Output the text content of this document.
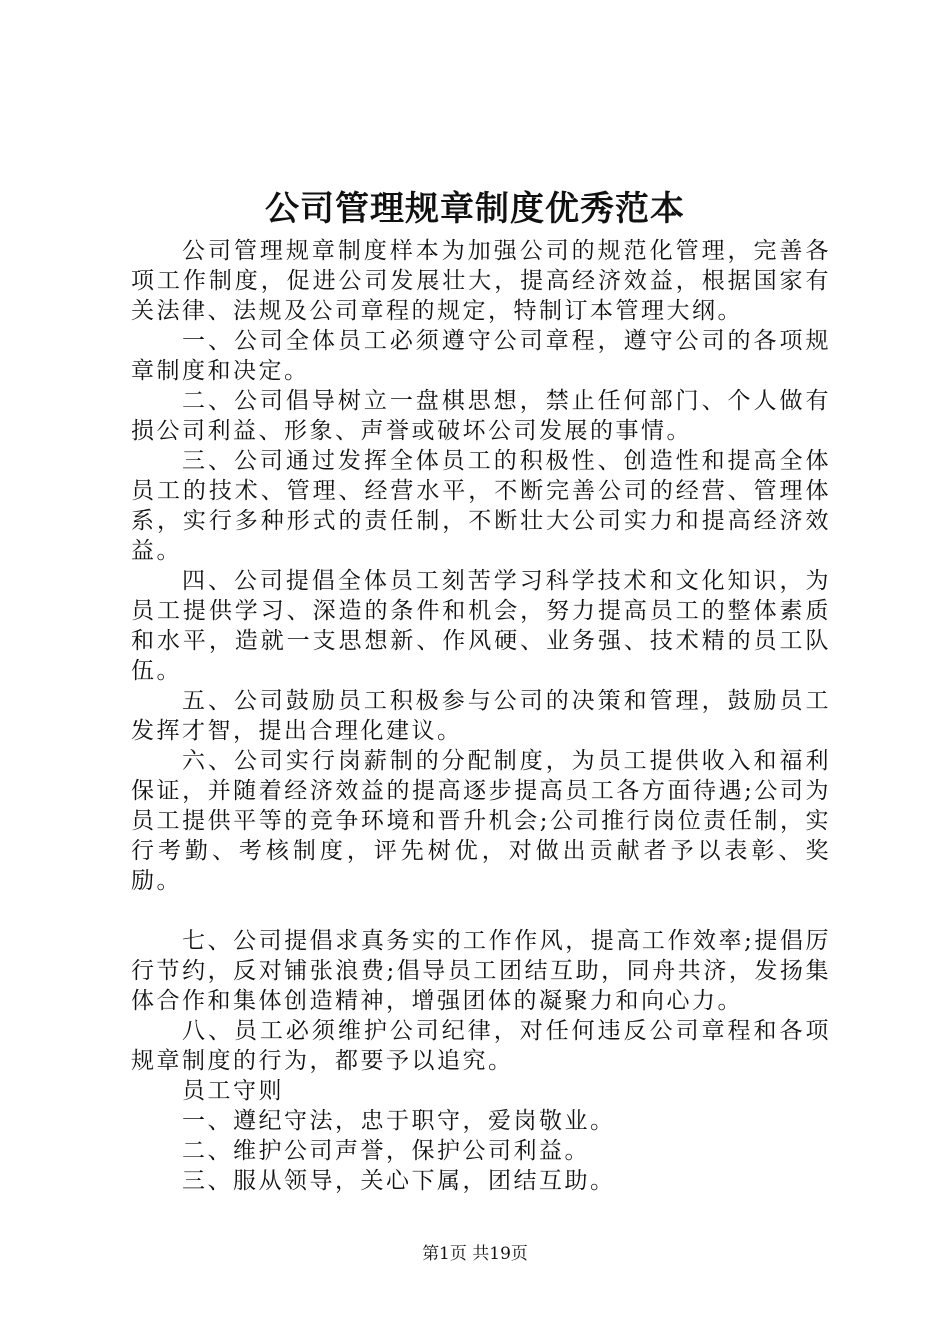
公司管理规章制度优秀范本

公司管理规章制度样本为加强公司的规范化管理，完善各项工作制度，促进公司发展壮大，提高经济效益，根据国家有关法律、法规及公司章程的规定，特制订本管理大纲。

一、公司全体员工必须遵守公司章程，遵守公司的各项规章制度和决定。

二、公司倡导树立一盘棋思想，禁止任何部门、个人做有损公司利益、形象、声誉或破坏公司发展的事情。

三、公司通过发挥全体员工的积极性、创造性和提高全体员工的技术、管理、经营水平，不断完善公司的经营、管理体系，实行多种形式的责任制，不断壮大公司实力和提高经济效益。

四、公司提倡全体员工刻苦学习科学技术和文化知识，为员工提供学习、深造的条件和机会，努力提高员工的整体素质和水平，造就一支思想新、作风硬、业务强、技术精的员工队伍。

五、公司鼓励员工积极参与公司的决策和管理，鼓励员工发挥才智，提出合理化建议。

六、公司实行岗薪制的分配制度，为员工提供收入和福利保证，并随着经济效益的提高逐步提高员工各方面待遇;公司为员工提供平等的竞争环境和晋升机会;公司推行岗位责任制，实行考勤、考核制度，评先树优，对做出贡献者予以表彰、奖励。

七、公司提倡求真务实的工作作风，提高工作效率;提倡厉行节约，反对铺张浪费;倡导员工团结互助，同舟共济，发扬集体合作和集体创造精神，增强团体的凝聚力和向心力。

八、员工必须维护公司纪律，对任何违反公司章程和各项规章制度的行为，都要予以追究。

员工守则

一、遵纪守法，忠于职守，爱岗敬业。

二、维护公司声誉，保护公司利益。

三、服从领导，关心下属，团结互助。

第1页 共19页
